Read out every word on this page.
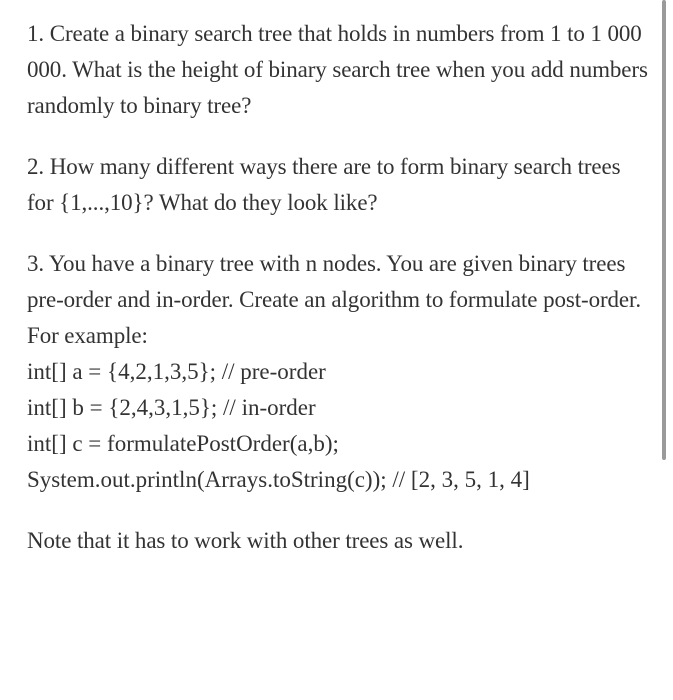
1. Create a binary search tree that holds in numbers from 1 to 1 000 000. What is the height of binary search tree when you add numbers randomly to binary tree?

2. How many different ways there are to form binary search trees for {1,...,10}? What do they look like?

3. You have a binary tree with n nodes. You are given binary trees pre-order and in-order. Create an algorithm to formulate post-order. For example:

int[] a = {4,2,1,3,5}; // pre-order

int[] b = {2,4,3,1,5}; // in-order

int[] c = formulatePostOrder(a,b);

System.out.println(Arrays.toString(c)); // [2, 3, 5, 1, 4]

Note that it has to work with other trees as well.
